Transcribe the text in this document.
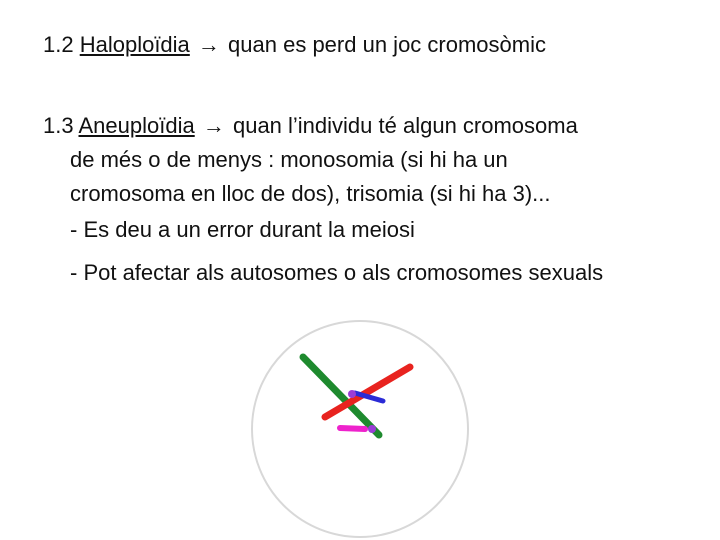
1.2 Haloploïdia → quan es perd un joc cromosòmic
1.3 Aneuploïdia → quan l’individu té algun cromosoma
de més o de menys : monosomia (si hi ha un
cromosoma en lloc de dos), trisomia (si hi ha 3)...
- Es deu a un error durant la meiosi
- Pot afectar als autosomes o als cromosomes sexuals
